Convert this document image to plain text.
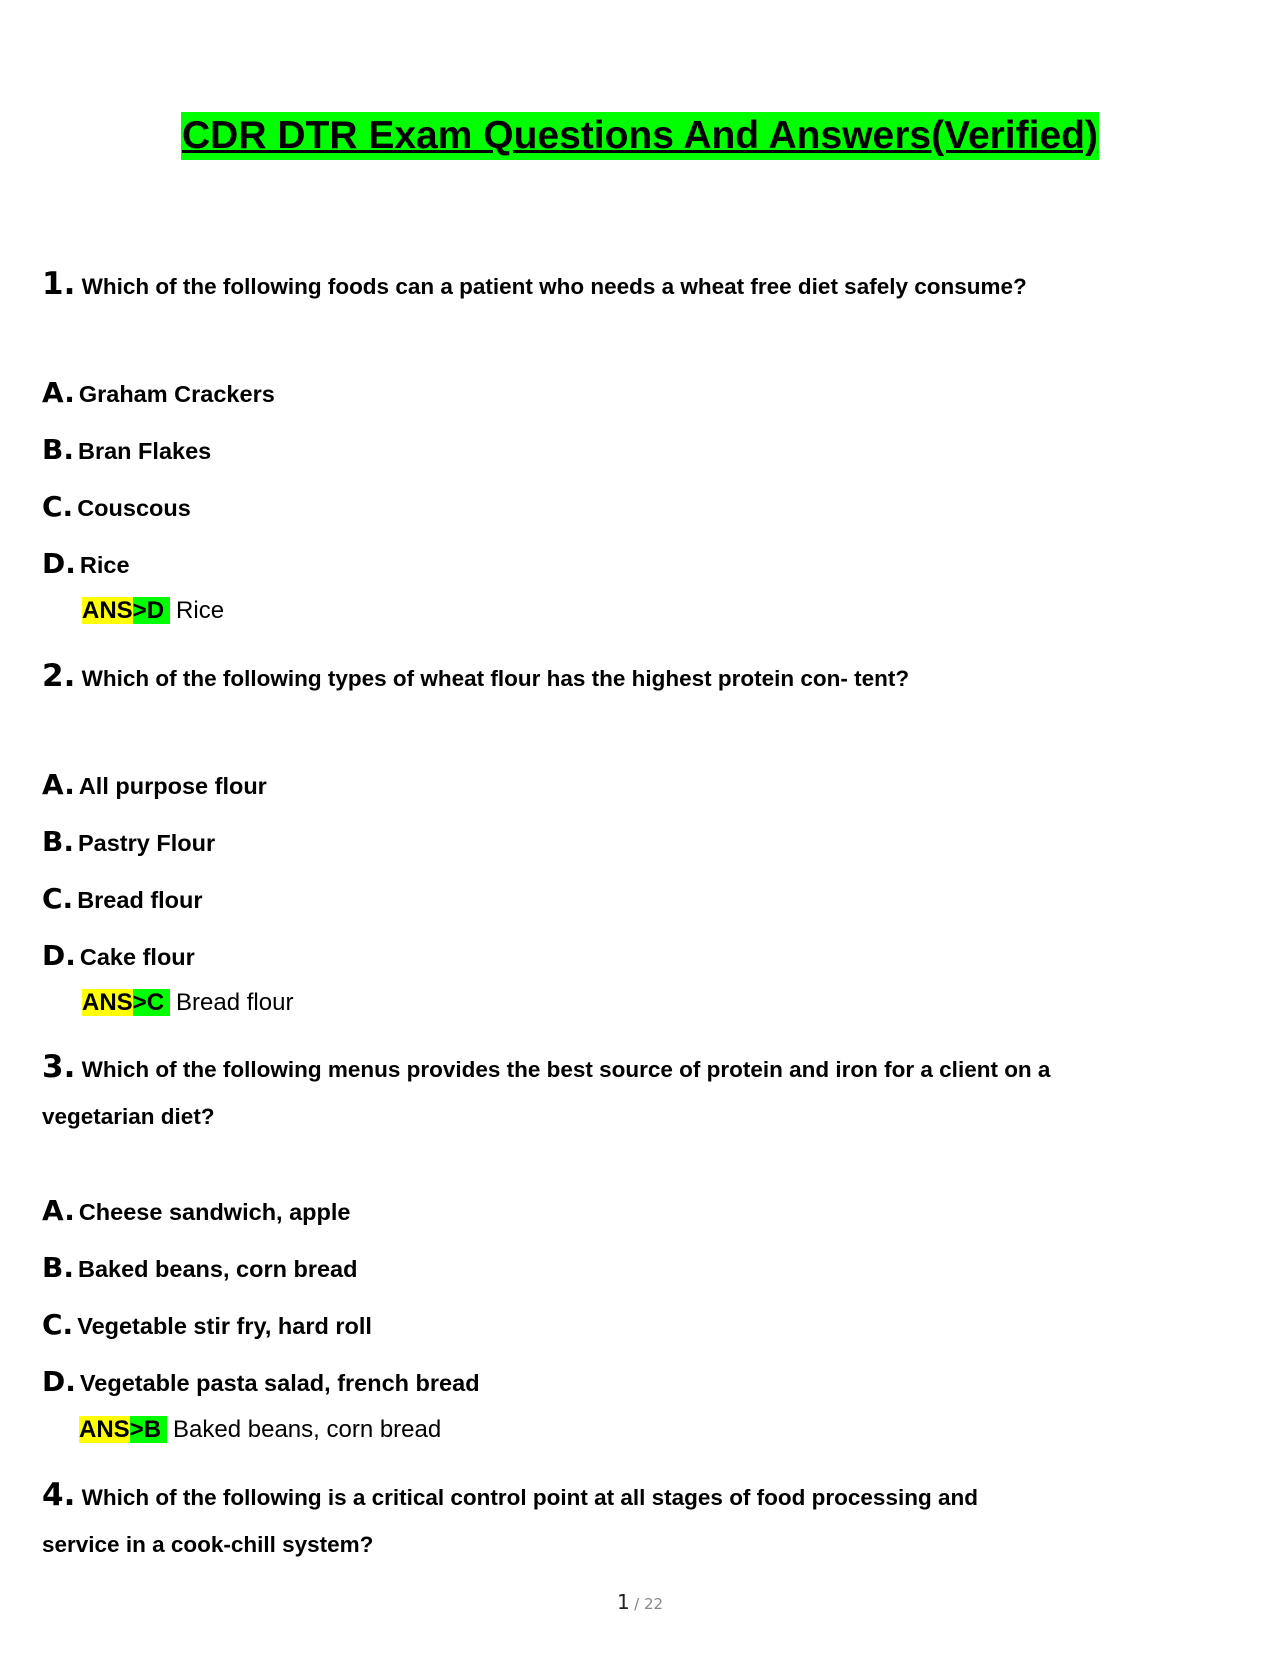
CDR DTR Exam Questions And Answers(Verified)
1. Which of the following foods can a patient who needs a wheat free diet safely consume?
A. Graham Crackers
B. Bran Flakes
C. Couscous
D. Rice
ANS>D Rice
2. Which of the following types of wheat flour has the highest protein con- tent?
A. All purpose flour
B. Pastry Flour
C. Bread flour
D. Cake flour
ANS>C Bread flour
3. Which of the following menus provides the best source of protein and iron for a client on a
vegetarian diet?
A. Cheese sandwich, apple
B. Baked beans, corn bread
C. Vegetable stir fry, hard roll
D. Vegetable pasta salad, french bread
ANS>B Baked beans, corn bread
4. Which of the following is a critical control point at all stages of food processing and
service in a cook-chill system?
1 / 22
